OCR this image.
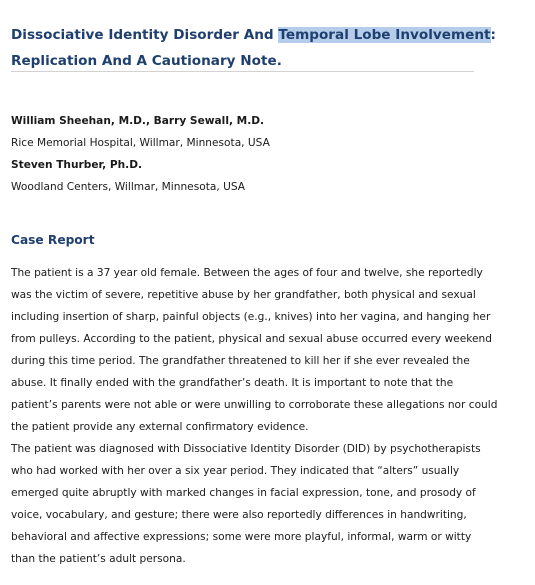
Dissociative Identity Disorder And Temporal Lobe Involvement:
Replication And A Cautionary Note.
William Sheehan, M.D., Barry Sewall, M.D.
Rice Memorial Hospital, Willmar, Minnesota, USA
Steven Thurber, Ph.D.
Woodland Centers, Willmar, Minnesota, USA
Case Report

The patient is a 37 year old female. Between the ages of four and twelve, she reportedly
was the victim of severe, repetitive abuse by her grandfather, both physical and sexual
including insertion of sharp, painful objects (e.g., knives) into her vagina, and hanging her
from pulleys. According to the patient, physical and sexual abuse occurred every weekend
during this time period. The grandfather threatened to kill her if she ever revealed the
abuse. It finally ended with the grandfather’s death. It is important to note that the
patient’s parents were not able or were unwilling to corroborate these allegations nor could
the patient provide any external confirmatory evidence.

The patient was diagnosed with Dissociative Identity Disorder (DID) by psychotherapists
who had worked with her over a six year period. They indicated that “alters” usually
emerged quite abruptly with marked changes in facial expression, tone, and prosody of
voice, vocabulary, and gesture; there were also reportedly differences in handwriting,
behavioral and affective expressions; some were more playful, informal, warm or witty
than the patient’s adult persona.
